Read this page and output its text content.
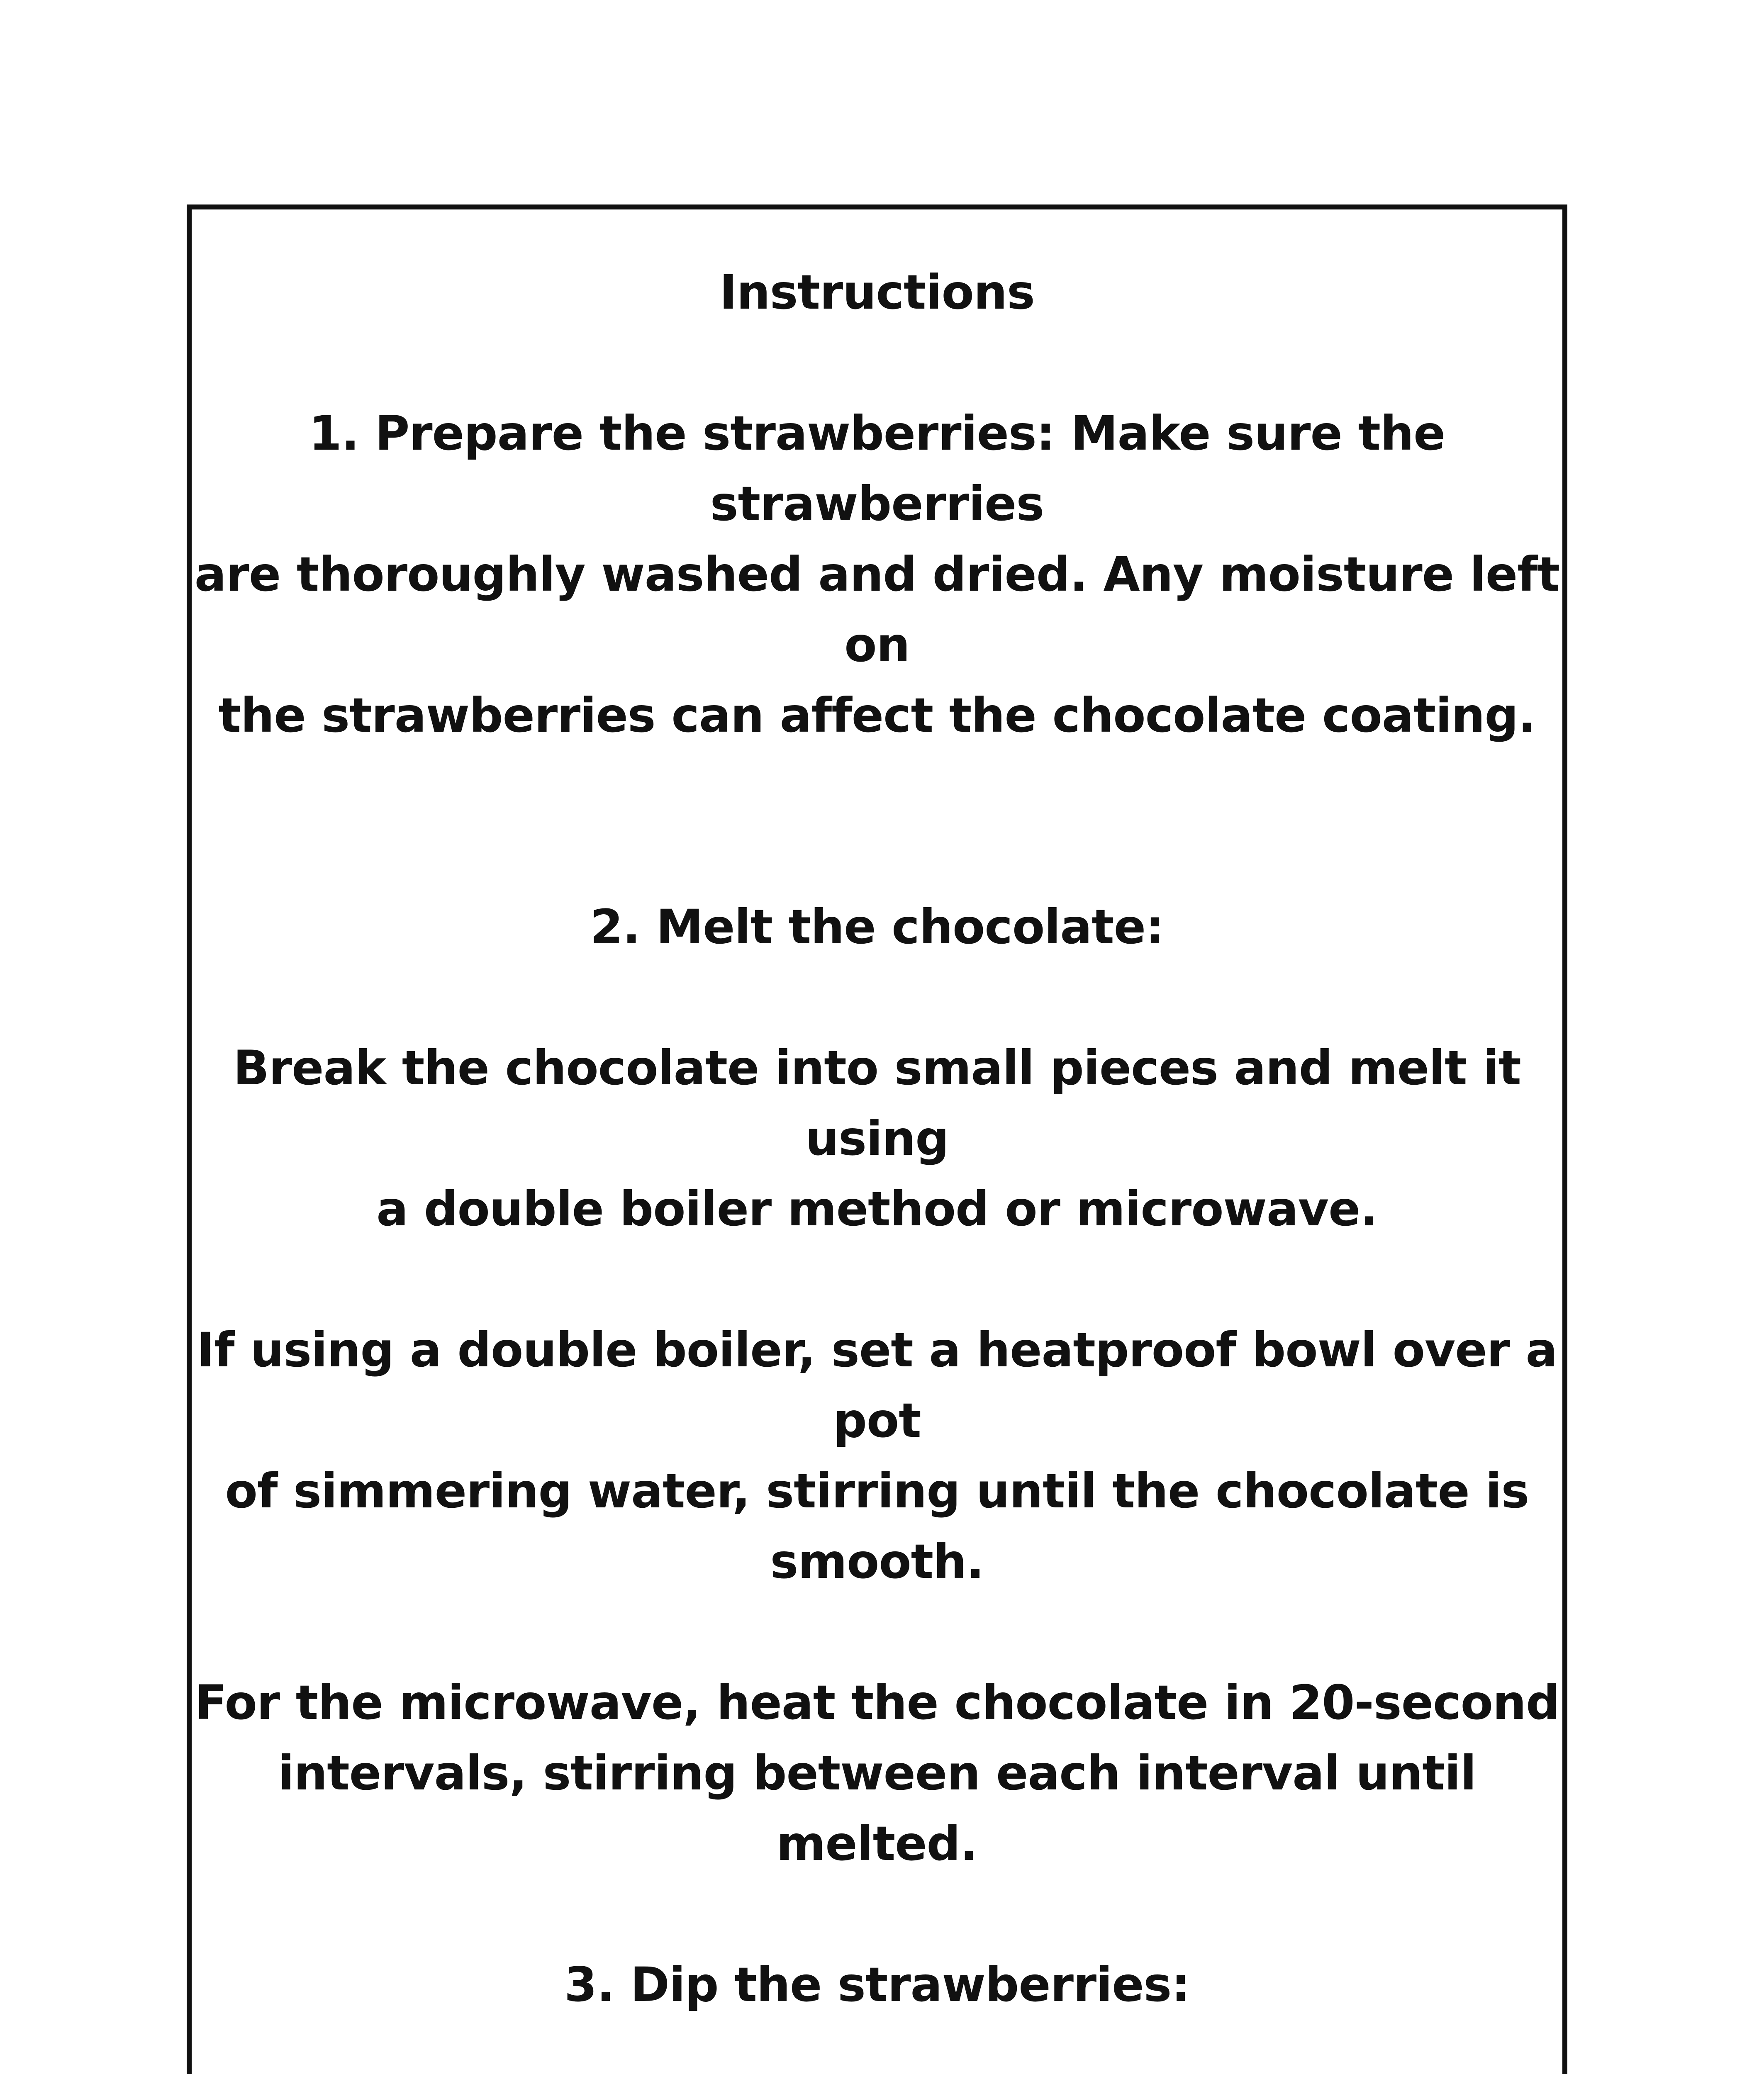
Instructions

1. Prepare the strawberries: Make sure the strawberries
are thoroughly washed and dried. Any moisture left on
the strawberries can affect the chocolate coating.

2. Melt the chocolate:

Break the chocolate into small pieces and melt it using
a double boiler method or microwave.

If using a double boiler, set a heatproof bowl over a pot
of simmering water, stirring until the chocolate is
smooth.

For the microwave, heat the chocolate in 20-second
intervals, stirring between each interval until melted.

3. Dip the strawberries:
